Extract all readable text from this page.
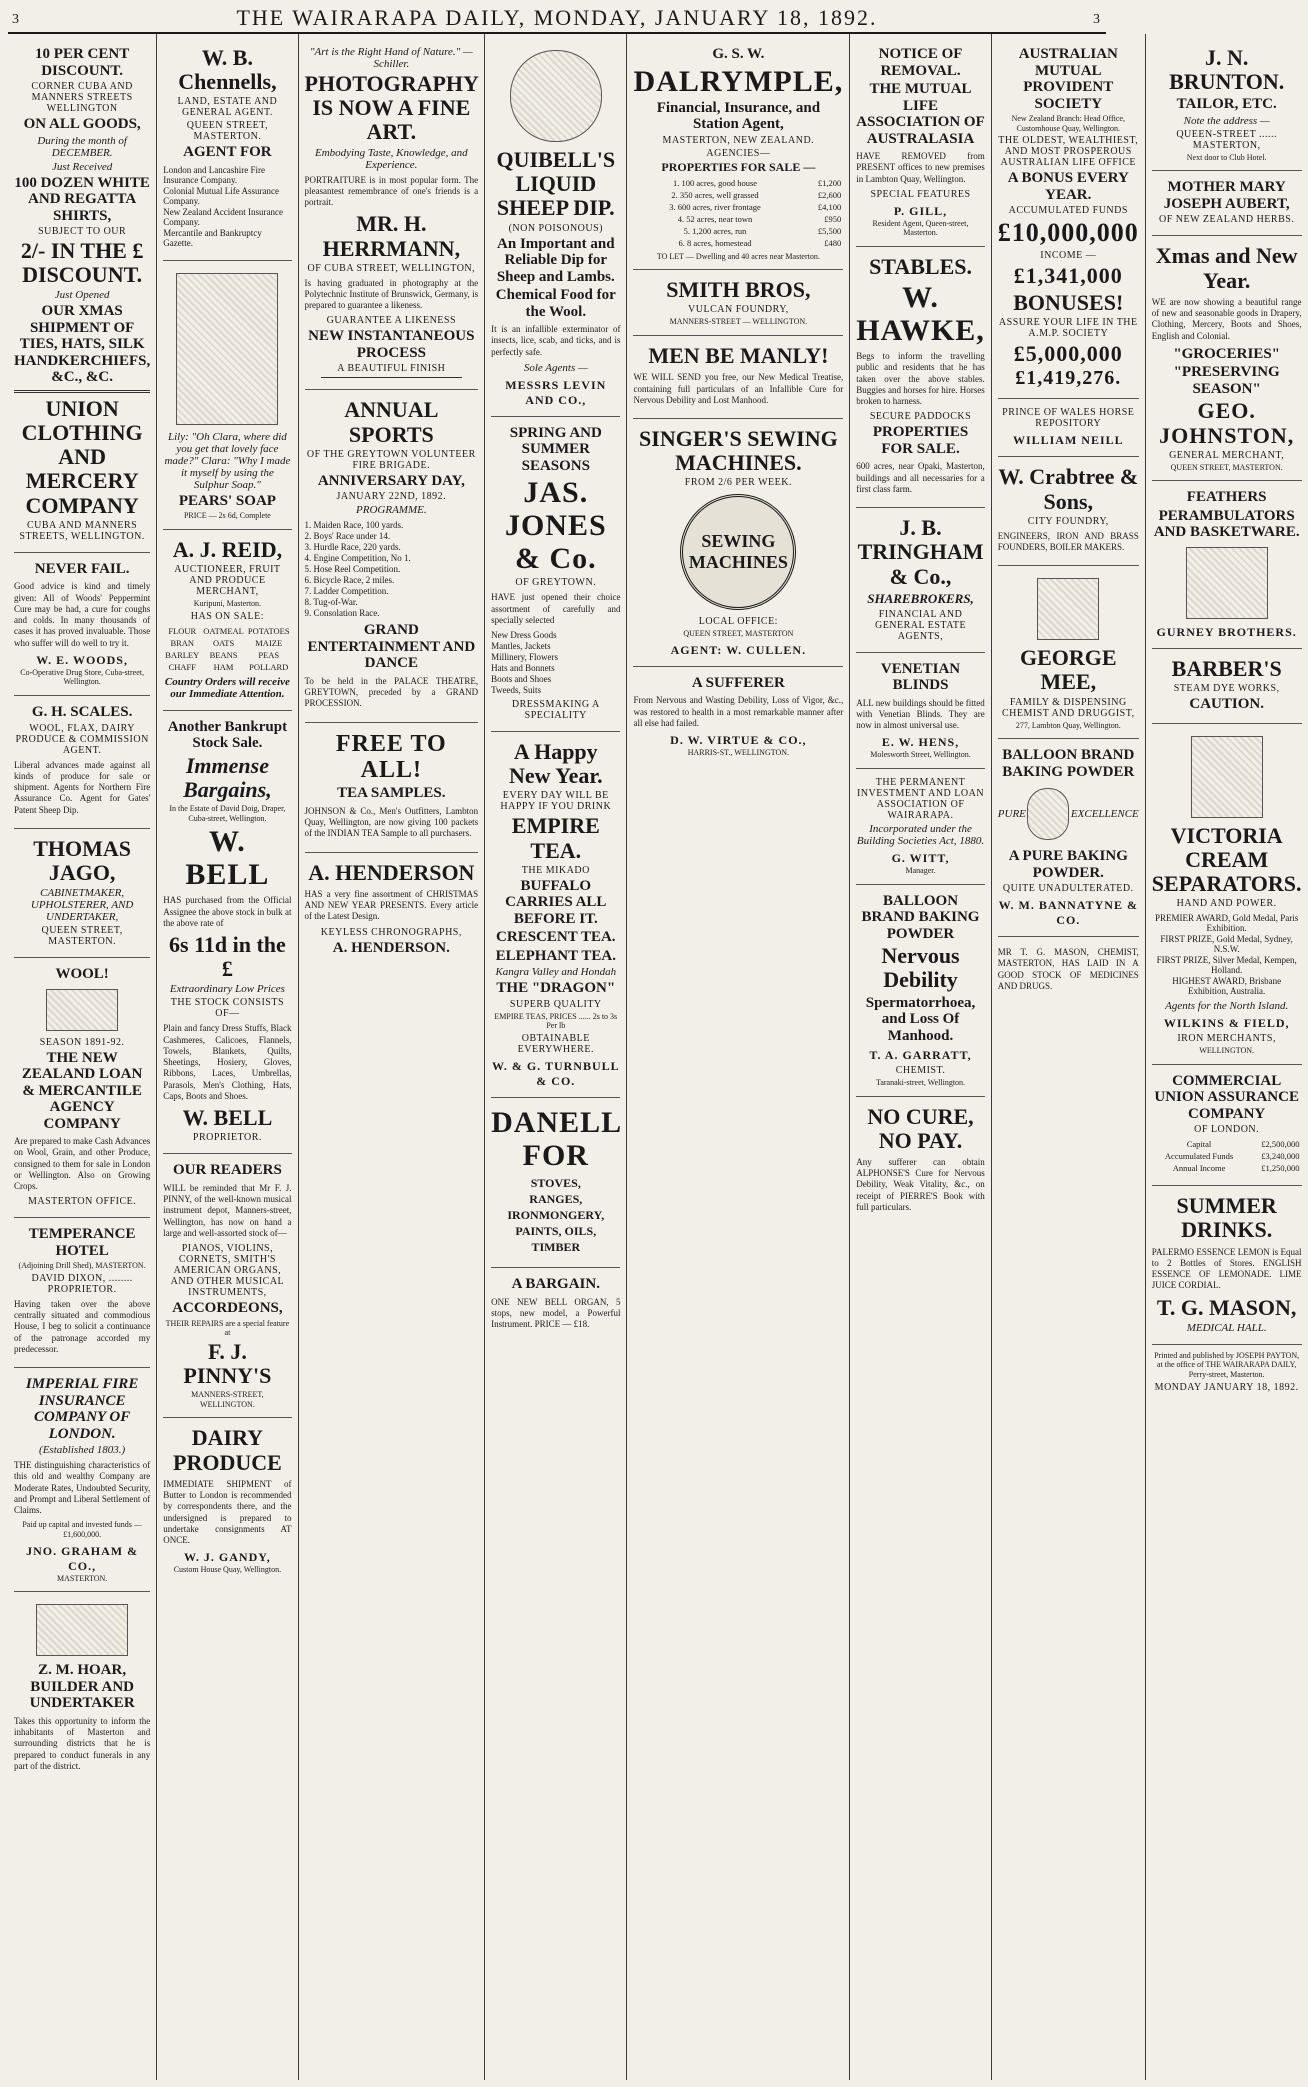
3	THE WAIRARAPA DAILY, MONDAY, JANUARY 18, 1892.	3
10 PER CENT DISCOUNT.
CORNER CUBA AND MANNERS STREETS WELLINGTON
ON ALL GOODS,
During the month of DECEMBER.
Just Received
100 DOZEN WHITE AND REGATTA SHIRTS,
SUBJECT TO OUR
2/- IN THE £ DISCOUNT.
Just Opened
OUR XMAS SHIPMENT OF TIES, HATS, SILK HANDKERCHIEFS, &C., &C.
UNION CLOTHING AND MERCERY COMPANY
CUBA AND MANNERS STREETS, WELLINGTON.
NEVER FAIL.
Good advice is kind and timely given: All of Woods' Peppermint Cure may be had, a cure for coughs and colds. In many thousands of cases it has proved invaluable. Those who suffer will do well to try it.
W. E. WOODS,
Co-Operative Drug Store, Cuba-street, Wellington.
G. H. SCALES.
WOOL, FLAX, DAIRY PRODUCE & COMMISSION AGENT.
Liberal advances made against all kinds of produce for sale or shipment. Agents for Northern Fire Assurance Co. Agent for Gates' Patent Sheep Dip.
THOMAS JAGO,
CABINETMAKER, UPHOLSTERER, AND UNDERTAKER,
QUEEN STREET, MASTERTON.
WOOL!
SEASON 1891-92.
THE NEW ZEALAND LOAN & MERCANTILE AGENCY COMPANY
Are prepared to make Cash Advances on Wool, Grain, and other Produce, consigned to them for sale in London or Wellington. Also on Growing Crops.
MASTERTON OFFICE.
TEMPERANCE HOTEL
(Adjoining Drill Shed), MASTERTON.
DAVID DIXON, ........ PROPRIETOR.
Having taken over the above centrally situated and commodious House, I beg to solicit a continuance of the patronage accorded my predecessor.
IMPERIAL FIRE INSURANCE COMPANY OF LONDON.
(Established 1803.)
THE distinguishing characteristics of this old and wealthy Company are Moderate Rates, Undoubted Security, and Prompt and Liberal Settlement of Claims.
Paid up capital and invested funds — £1,600,000.
JNO. GRAHAM & CO.,
MASTERTON.
Z. M. HOAR, BUILDER AND UNDERTAKER
Takes this opportunity to inform the inhabitants of Masterton and surrounding districts that he is prepared to conduct funerals in any part of the district.
W. B. Chennells,
LAND, ESTATE AND GENERAL AGENT.
QUEEN STREET, MASTERTON.
AGENT FOR
London and Lancashire Fire Insurance Company.
Colonial Mutual Life Assurance Company.
New Zealand Accident Insurance Company.
Mercantile and Bankruptcy Gazette.
Lily: "Oh Clara, where did you get that lovely face made?" Clara: "Why I made it myself by using the Sulphur Soap."
PEARS' SOAP
PRICE — 2s 6d, Complete
A. J. REID,
AUCTIONEER, FRUIT AND PRODUCE MERCHANT,
Kuripuni, Masterton.
HAS ON SALE:
FLOUR	OATMEAL	POTATOES
BRAN	OATS	MAIZE
BARLEY	BEANS	PEAS
CHAFF	HAM	POLLARD
Country Orders will receive our Immediate Attention.
Another Bankrupt Stock Sale.
Immense Bargains,
In the Estate of David Doig, Draper, Cuba-street, Wellington.
W. BELL
HAS purchased from the Official Assignee the above stock in bulk at the above rate of
6s 11d in the £
Extraordinary Low Prices
THE STOCK CONSISTS OF—
Plain and fancy Dress Stuffs, Black Cashmeres, Calicoes, Flannels, Towels, Blankets, Quilts, Sheetings, Hosiery, Gloves, Ribbons, Laces, Umbrellas, Parasols, Men's Clothing, Hats, Caps, Boots and Shoes.
W. BELL
PROPRIETOR.
OUR READERS
WILL be reminded that Mr F. J. PINNY, of the well-known musical instrument depot, Manners-street, Wellington, has now on hand a large and well-assorted stock of—
PIANOS, VIOLINS, CORNETS, SMITH'S AMERICAN ORGANS, AND OTHER MUSICAL INSTRUMENTS,
ACCORDEONS,
THEIR REPAIRS are a special feature at
F. J. PINNY'S
MANNERS-STREET, WELLINGTON.
DAIRY PRODUCE
IMMEDIATE SHIPMENT of Butter to London is recommended by correspondents there, and the undersigned is prepared to undertake consignments AT ONCE.
W. J. GANDY,
Custom House Quay, Wellington.
"Art is the Right Hand of Nature." — Schiller.
PHOTOGRAPHY IS NOW A FINE ART.
Embodying Taste, Knowledge, and Experience.
PORTRAITURE is in most popular form. The pleasantest remembrance of one's friends is a portrait.
MR. H. HERRMANN,
OF CUBA STREET, WELLINGTON,
Is having graduated in photography at the Polytechnic Institute of Brunswick, Germany, is prepared to guarantee a likeness.
GUARANTEE A LIKENESS
NEW INSTANTANEOUS PROCESS
A BEAUTIFUL FINISH
ANNUAL SPORTS
OF THE GREYTOWN VOLUNTEER FIRE BRIGADE.
ANNIVERSARY DAY,
JANUARY 22ND, 1892.
PROGRAMME.
1. Maiden Race, 100 yards.
2. Boys' Race under 14.
3. Hurdle Race, 220 yards.
4. Engine Competition, No 1.
5. Hose Reel Competition.
6. Bicycle Race, 2 miles.
7. Ladder Competition.
8. Tug-of-War.
9. Consolation Race.
GRAND ENTERTAINMENT AND DANCE
To be held in the PALACE THEATRE, GREYTOWN, preceded by a GRAND PROCESSION.
FREE TO ALL!
TEA SAMPLES.
JOHNSON & Co., Men's Outfitters, Lambton Quay, Wellington, are now giving 100 packets of the INDIAN TEA Sample to all purchasers.
A. HENDERSON
HAS a very fine assortment of CHRISTMAS AND NEW YEAR PRESENTS. Every article of the Latest Design.
KEYLESS CHRONOGRAPHS,
A. HENDERSON.
QUIBELL'S LIQUID SHEEP DIP.
(NON POISONOUS)
An Important and Reliable Dip for Sheep and Lambs.
Chemical Food for the Wool.
It is an infallible exterminator of insects, lice, scab, and ticks, and is perfectly safe.
Sole Agents —
MESSRS LEVIN AND CO.,
SPRING AND SUMMER SEASONS
JAS. JONES & Co.
OF GREYTOWN.
HAVE just opened their choice assortment of carefully and specially selected
New Dress Goods
Mantles, Jackets
Millinery, Flowers
Hats and Bonnets
Boots and Shoes
Tweeds, Suits
DRESSMAKING A SPECIALITY
A Happy New Year.
EVERY DAY WILL BE HAPPY IF YOU DRINK
EMPIRE TEA.
THE MIKADO
BUFFALO CARRIES ALL BEFORE IT.
CRESCENT TEA.
ELEPHANT TEA.
Kangra Valley and Hondah
THE "DRAGON"
SUPERB QUALITY
EMPIRE TEAS, PRICES ...... 2s to 3s Per lb
OBTAINABLE EVERYWHERE.
W. & G. TURNBULL & CO.
DANELL FOR
STOVES,
RANGES,
IRONMONGERY,
PAINTS, OILS,
TIMBER
A BARGAIN.
ONE NEW BELL ORGAN, 5 stops, new model, a Powerful Instrument. PRICE — £18.
G. S. W.
DALRYMPLE,
Financial, Insurance, and Station Agent,
MASTERTON, NEW ZEALAND.
AGENCIES—
PROPERTIES FOR SALE —
1. 100 acres, good house	£1,200
2. 350 acres, well grassed	£2,600
3. 600 acres, river frontage	£4,100
4. 52 acres, near town	£950
5. 1,200 acres, run	£5,500
6. 8 acres, homestead	£480
TO LET — Dwelling and 40 acres near Masterton.
SMITH BROS,
VULCAN FOUNDRY,
MANNERS-STREET — WELLINGTON.
MEN BE MANLY!
WE WILL SEND you free, our New Medical Treatise, containing full particulars of an Infallible Cure for Nervous Debility and Lost Manhood.
SINGER'S SEWING MACHINES.
FROM 2/6 PER WEEK.
SEWING MACHINES
LOCAL OFFICE:
QUEEN STREET, MASTERTON
AGENT: W. CULLEN.
A SUFFERER
From Nervous and Wasting Debility, Loss of Vigor, &c., was restored to health in a most remarkable manner after all else had failed.
D. W. VIRTUE & CO.,
HARRIS-ST., WELLINGTON.
NOTICE OF REMOVAL.
THE MUTUAL LIFE ASSOCIATION OF AUSTRALASIA
HAVE REMOVED from PRESENT offices to new premises in Lambton Quay, Wellington.
SPECIAL FEATURES
P. GILL,
Resident Agent, Queen-street, Masterton.
STABLES.
W. HAWKE,
Begs to inform the travelling public and residents that he has taken over the above stables. Buggies and horses for hire. Horses broken to harness.
SECURE PADDOCKS
PROPERTIES FOR SALE.
600 acres, near Opaki, Masterton, buildings and all necessaries for a first class farm.
J. B. TRINGHAM & Co.,
SHAREBROKERS,
FINANCIAL AND GENERAL ESTATE AGENTS,
VENETIAN BLINDS
ALL new buildings should be fitted with Venetian Blinds. They are now in almost universal use.
E. W. HENS,
Molesworth Street, Wellington.
THE PERMANENT INVESTMENT AND LOAN ASSOCIATION OF WAIRARAPA.
Incorporated under the Building Societies Act, 1880.
G. WITT,
Manager.
BALLOON BRAND BAKING POWDER
Nervous Debility
Spermatorrhoea, and Loss Of Manhood.
T. A. GARRATT,
CHEMIST.
Taranaki-street, Wellington.
NO CURE, NO PAY.
Any sufferer can obtain ALPHONSE'S Cure for Nervous Debility, Weak Vitality, &c., on receipt of PIERRE'S Book with full particulars.
AUSTRALIAN MUTUAL PROVIDENT SOCIETY
New Zealand Branch: Head Office, Customhouse Quay, Wellington.
THE OLDEST, WEALTHIEST, AND MOST PROSPEROUS AUSTRALIAN LIFE OFFICE
A BONUS EVERY YEAR.
ACCUMULATED FUNDS
£10,000,000
INCOME —
£1,341,000
BONUSES!
ASSURE YOUR LIFE IN THE A.M.P. SOCIETY
£5,000,000
£1,419,276.
PRINCE OF WALES HORSE REPOSITORY
WILLIAM NEILL
W. Crabtree & Sons,
CITY FOUNDRY,
ENGINEERS, IRON AND BRASS FOUNDERS, BOILER MAKERS.
GEORGE MEE,
FAMILY & DISPENSING CHEMIST AND DRUGGIST,
277, Lambton Quay, Wellington.
BALLOON BRAND BAKING POWDER
PURE	EXCELLENCE
A PURE BAKING POWDER.
QUITE UNADULTERATED.
W. M. BANNATYNE & CO.
MR T. G. MASON, CHEMIST, MASTERTON, HAS LAID IN A GOOD STOCK OF MEDICINES AND DRUGS.
J. N. BRUNTON.
TAILOR, ETC.
Note the address —
QUEEN-STREET ...... MASTERTON,
Next door to Club Hotel.
MOTHER MARY JOSEPH AUBERT,
OF NEW ZEALAND HERBS.
Xmas and New Year.
WE are now showing a beautiful range of new and seasonable goods in Drapery, Clothing, Mercery, Boots and Shoes, English and Colonial.
"GROCERIES"
"PRESERVING SEASON"
GEO. JOHNSTON,
GENERAL MERCHANT,
QUEEN STREET, MASTERTON.
FEATHERS
PERAMBULATORS AND BASKETWARE.
GURNEY BROTHERS.
BARBER'S
STEAM DYE WORKS,
CAUTION.
VICTORIA CREAM SEPARATORS.
HAND AND POWER.
PREMIER AWARD, Gold Medal, Paris Exhibition.
FIRST PRIZE, Gold Medal, Sydney, N.S.W.
FIRST PRIZE, Silver Medal, Kempen, Holland.
HIGHEST AWARD, Brisbane Exhibition, Australia.
Agents for the North Island.
WILKINS & FIELD,
IRON MERCHANTS,
WELLINGTON.
COMMERCIAL UNION ASSURANCE COMPANY
OF LONDON.
Capital	£2,500,000
Accumulated Funds	£3,240,000
Annual Income	£1,250,000
SUMMER DRINKS.
PALERMO ESSENCE LEMON is Equal to 2 Bottles of Stores. ENGLISH ESSENCE OF LEMONADE. LIME JUICE CORDIAL.
T. G. MASON,
MEDICAL HALL.
Printed and published by JOSEPH PAYTON, at the office of THE WAIRARAPA DAILY, Perry-street, Masterton.
MONDAY JANUARY 18, 1892.
